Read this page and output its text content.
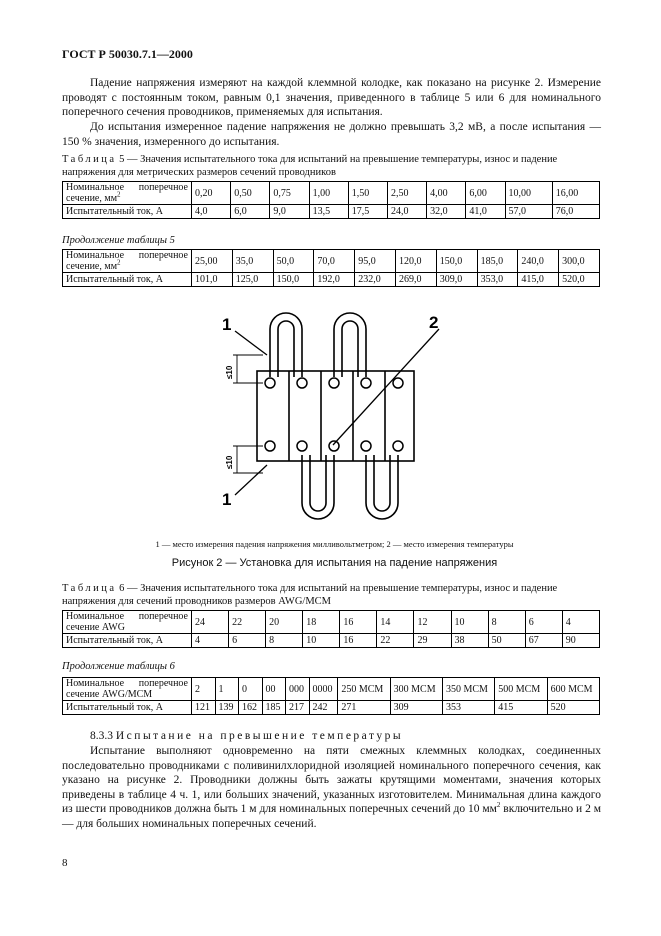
ГОСТ Р 50030.7.1—2000

Падение напряжения измеряют на каждой клеммной колодке, как показано на рисунке 2. Измерение проводят с постоянным током, равным 0,1 значения, приведенного в таблице 5 или 6 для номинального поперечного сечения проводников, применяемых для испытания.

До испытания измеренное падение напряжения не должно превышать 3,2 мВ, а после испытания — 150 % значения, измеренного до испытания.

Таблица 5 — Значения испытательного тока для испытаний на превышение температуры, износ и падение напряжения для метрических размеров сечений проводников
Номинальное поперечное сечение, $мм^2$	0,20	0,50	0,75	1,00	1,50	2,50	4,00	6,00	10,00	16,00
Испытательный ток, А	4,0	6,0	9,0	13,5	17,5	24,0	32,0	41,0	57,0	76,0
Продолжение таблицы 5
Номинальное поперечное сечение, $мм^2$	25,00	35,0	50,0	70,0	95,0	120,0	150,0	185,0	240,0	300,0
Испытательный ток, А	101,0	125,0	150,0	192,0	232,0	269,0	309,0	353,0	415,0	520,0
1
1
2
≤10
≤10
1 — место измерения падения напряжения милливольтметром; 2 — место измерения температуры
Рисунок 2 — Установка для испытания на падение напряжения
Таблица 6 — Значения испытательного тока для испытаний на превышение температуры, износ и падение напряжения для сечений проводников размеров AWG/MCM
Номинальное поперечное сечение AWG	24	22	20	18	16	14	12	10	8	6	4
Испытательный ток, А	4	6	8	10	16	22	29	38	50	67	90
Продолжение таблицы 6
Номинальное поперечное сечение AWG/MCM	2	1	0	00	000	0000	250 MCM	300 MCM	350 MCM	500 MCM	600 MCM
Испытательный ток, А	121	139	162	185	217	242	271	309	353	415	520
8.3.3 Испытание на превышение температуры

Испытание выполняют одновременно на пяти смежных клеммных колодках, соединенных последовательно проводниками с поливинилхлоридной изоляцией номинального поперечного сечения, как указано на рисунке 2. Проводники должны быть зажаты крутящими моментами, значения которых приведены в таблице 4 ч. 1, или больших значений, указанных изготовителем. Минимальная длина каждого из шести проводников должна быть 1 м для номинальных поперечных сечений до 10 $мм^2$ включительно и 2 м — для больших номинальных поперечных сечений.

8
